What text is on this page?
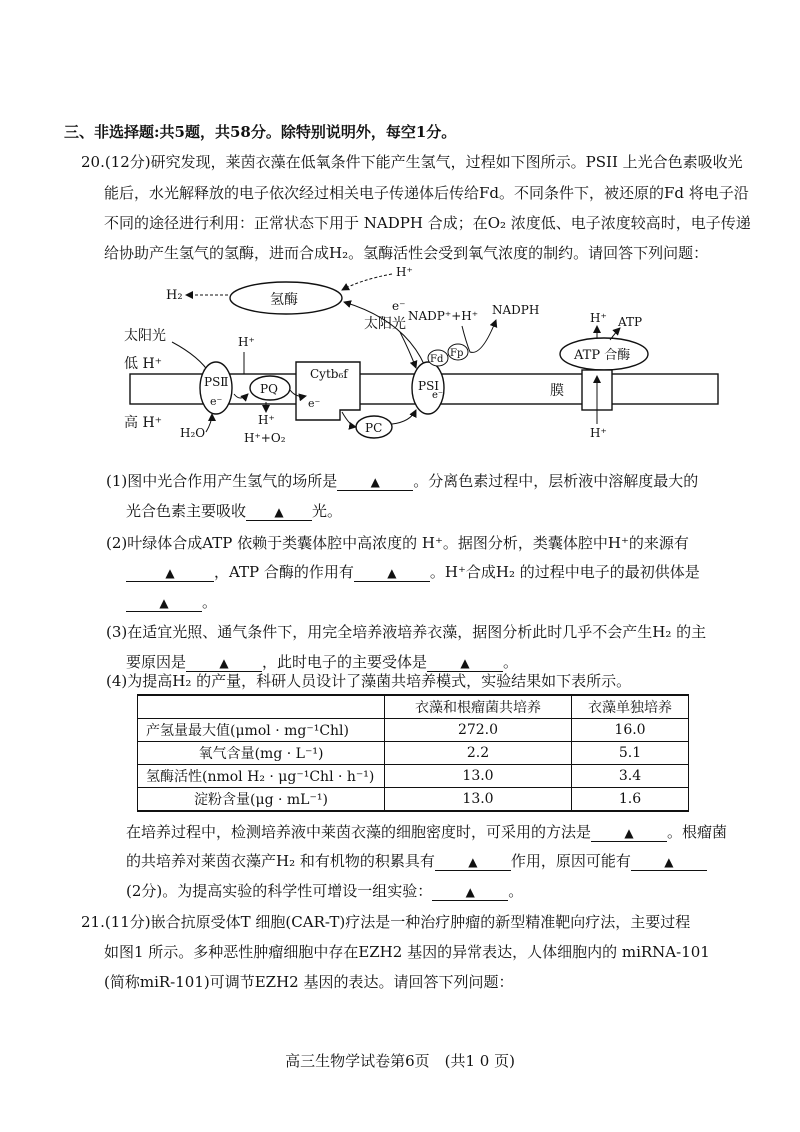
三、非选择题:共5题，共58分。除特别说明外，每空1分。
20.(12分)研究发现，莱茵衣藻在低氧条件下能产生氢气，过程如下图所示。PSII 上光合色素吸收光
能后，水光解释放的电子依次经过相关电子传递体后传给Fd。不同条件下，被还原的Fd 将电子沿
不同的途径进行利用：正常状态下用于 NADPH 合成；在O₂ 浓度低、电子浓度较高时，电子传递
给协助产生氢气的氢酶，进而合成H₂。氢酶活性会受到氧气浓度的制约。请回答下列问题：
膜
低 H⁺
高 H⁺
氢酶
H₂
H⁺
e⁻
太阳光
PSⅡ
e⁻
H₂O
PQ
H⁺
H⁺
H⁺+O₂
Cytb₆f
e⁻
PC
太阳光
PSI
e⁻
Fd
Fp
NADP⁺+H⁺ NADPH
ATP 合酶
H⁺
H⁺ ATP
(1)图中光合作用产生氢气的场所是	▲ 。分离色素过程中，层析液中溶解度最大的
光合色素主要吸收 ▲ 光。
(2)叶绿体合成ATP 依赖于类囊体腔中高浓度的 H⁺。据图分析，类囊体腔中H⁺的来源有
▲	，ATP 合酶的作用有	▲ 。H⁺合成H₂ 的过程中电子的最初供体是
▲ 。
(3)在适宜光照、通气条件下，用完全培养液培养衣藻，据图分析此时几乎不会产生H₂ 的主
要原因是	▲ ，此时电子的主要受体是	▲ 。
(4)为提高H₂ 的产量，科研人员设计了藻菌共培养模式，实验结果如下表所示。
	衣藻和根瘤菌共培养	衣藻单独培养
产氢量最大值(μmol · mg⁻¹Chl)	272.0	16.0
氧气含量(mg · L⁻¹)	2.2	5.1
氢酶活性(nmol H₂ · μg⁻¹Chl · h⁻¹)	13.0	3.4
淀粉含量(μg · mL⁻¹)	13.0	1.6
在培养过程中，检测培养液中莱茵衣藻的细胞密度时，可采用的方法是	▲ 。根瘤菌
的共培养对莱茵衣藻产H₂ 和有机物的积累具有	▲ 作用，原因可能有	▲
(2分)。为提高实验的科学性可增设一组实验：	▲ 。
21.(11分)嵌合抗原受体T 细胞(CAR-T)疗法是一种治疗肿瘤的新型精准靶向疗法，主要过程
如图1 所示。多种恶性肿瘤细胞中存在EZH2 基因的异常表达，人体细胞内的 miRNA-101
(简称miR-101)可调节EZH2 基因的表达。请回答下列问题：
高三生物学试卷第6页　(共1 0 页)
